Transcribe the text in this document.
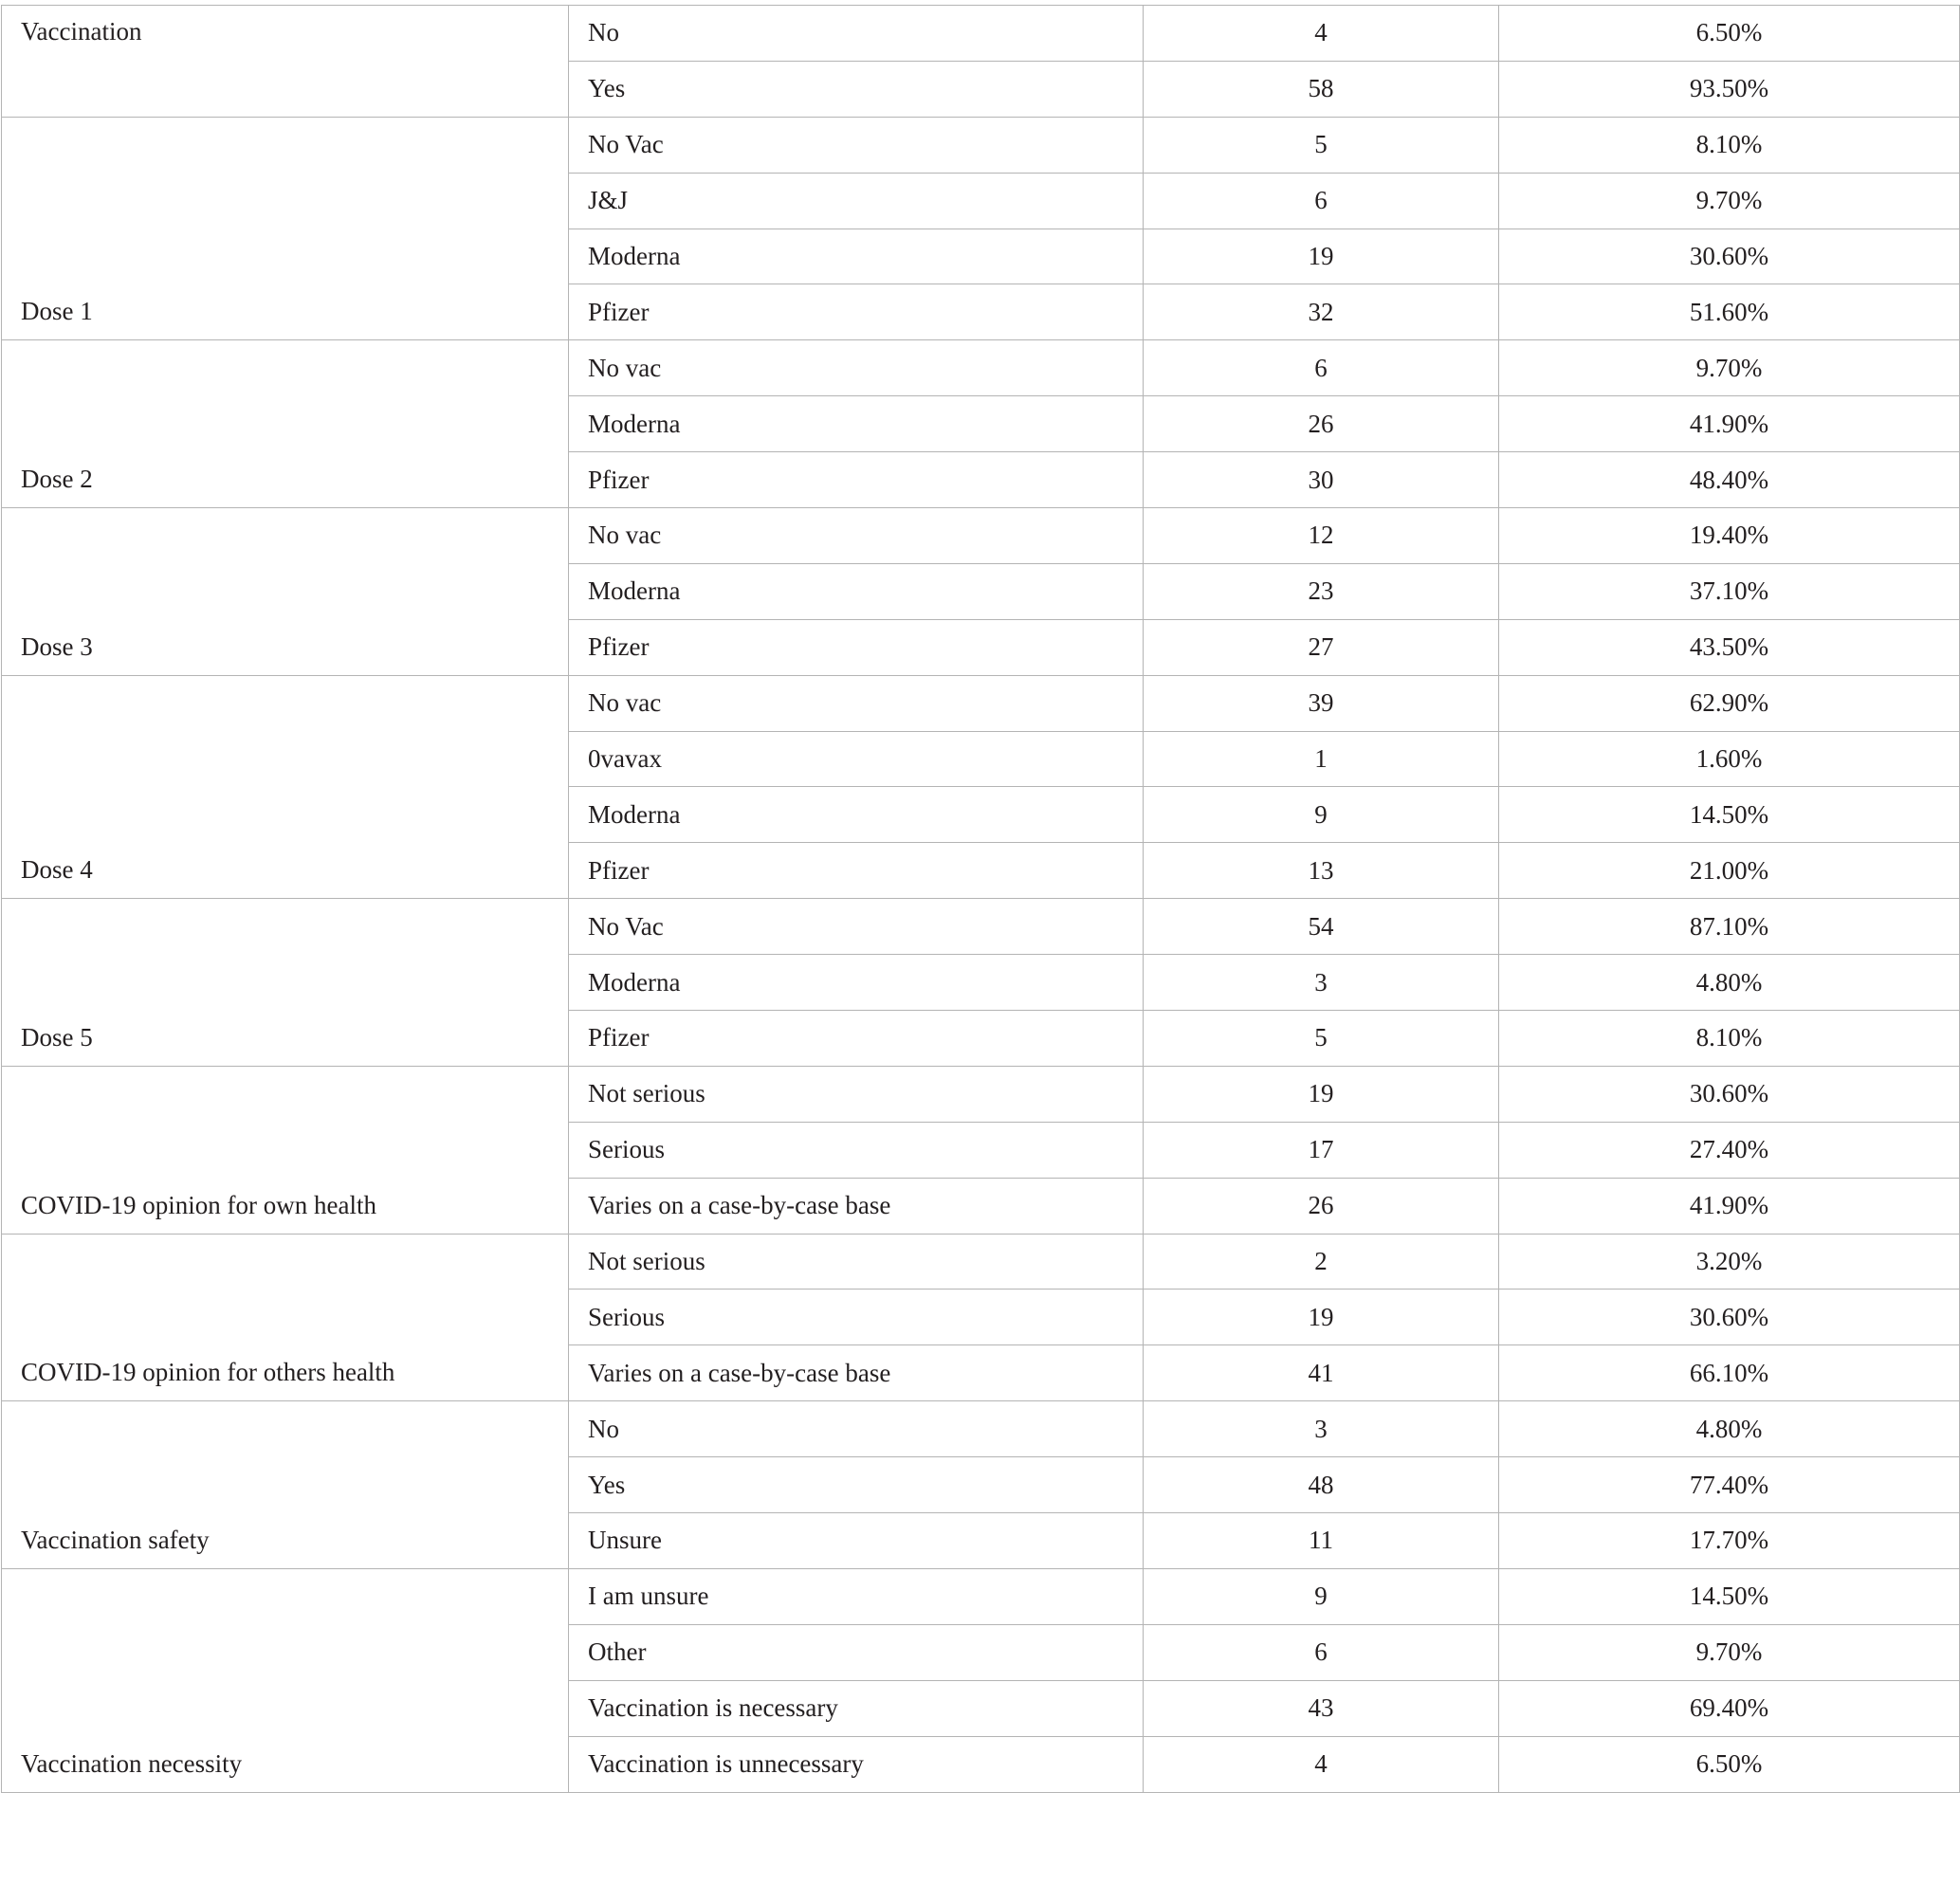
Vaccination	No	4	6.50%
	Yes	58	93.50%
Dose 1	No Vac	5	8.10%
	J&J	6	9.70%
	Moderna	19	30.60%
	Pfizer	32	51.60%
Dose 2	No vac	6	9.70%
	Moderna	26	41.90%
	Pfizer	30	48.40%
Dose 3	No vac	12	19.40%
	Moderna	23	37.10%
	Pfizer	27	43.50%
Dose 4	No vac	39	62.90%
	0vavax	1	1.60%
	Moderna	9	14.50%
	Pfizer	13	21.00%
Dose 5	No Vac	54	87.10%
	Moderna	3	4.80%
	Pfizer	5	8.10%
COVID-19 opinion for own health	Not serious	19	30.60%
	Serious	17	27.40%
	Varies on a case-by-case base	26	41.90%
COVID-19 opinion for others health	Not serious	2	3.20%
	Serious	19	30.60%
	Varies on a case-by-case base	41	66.10%
Vaccination safety	No	3	4.80%
	Yes	48	77.40%
	Unsure	11	17.70%
Vaccination necessity	I am unsure	9	14.50%
	Other	6	9.70%
	Vaccination is necessary	43	69.40%
	Vaccination is unnecessary	4	6.50%
